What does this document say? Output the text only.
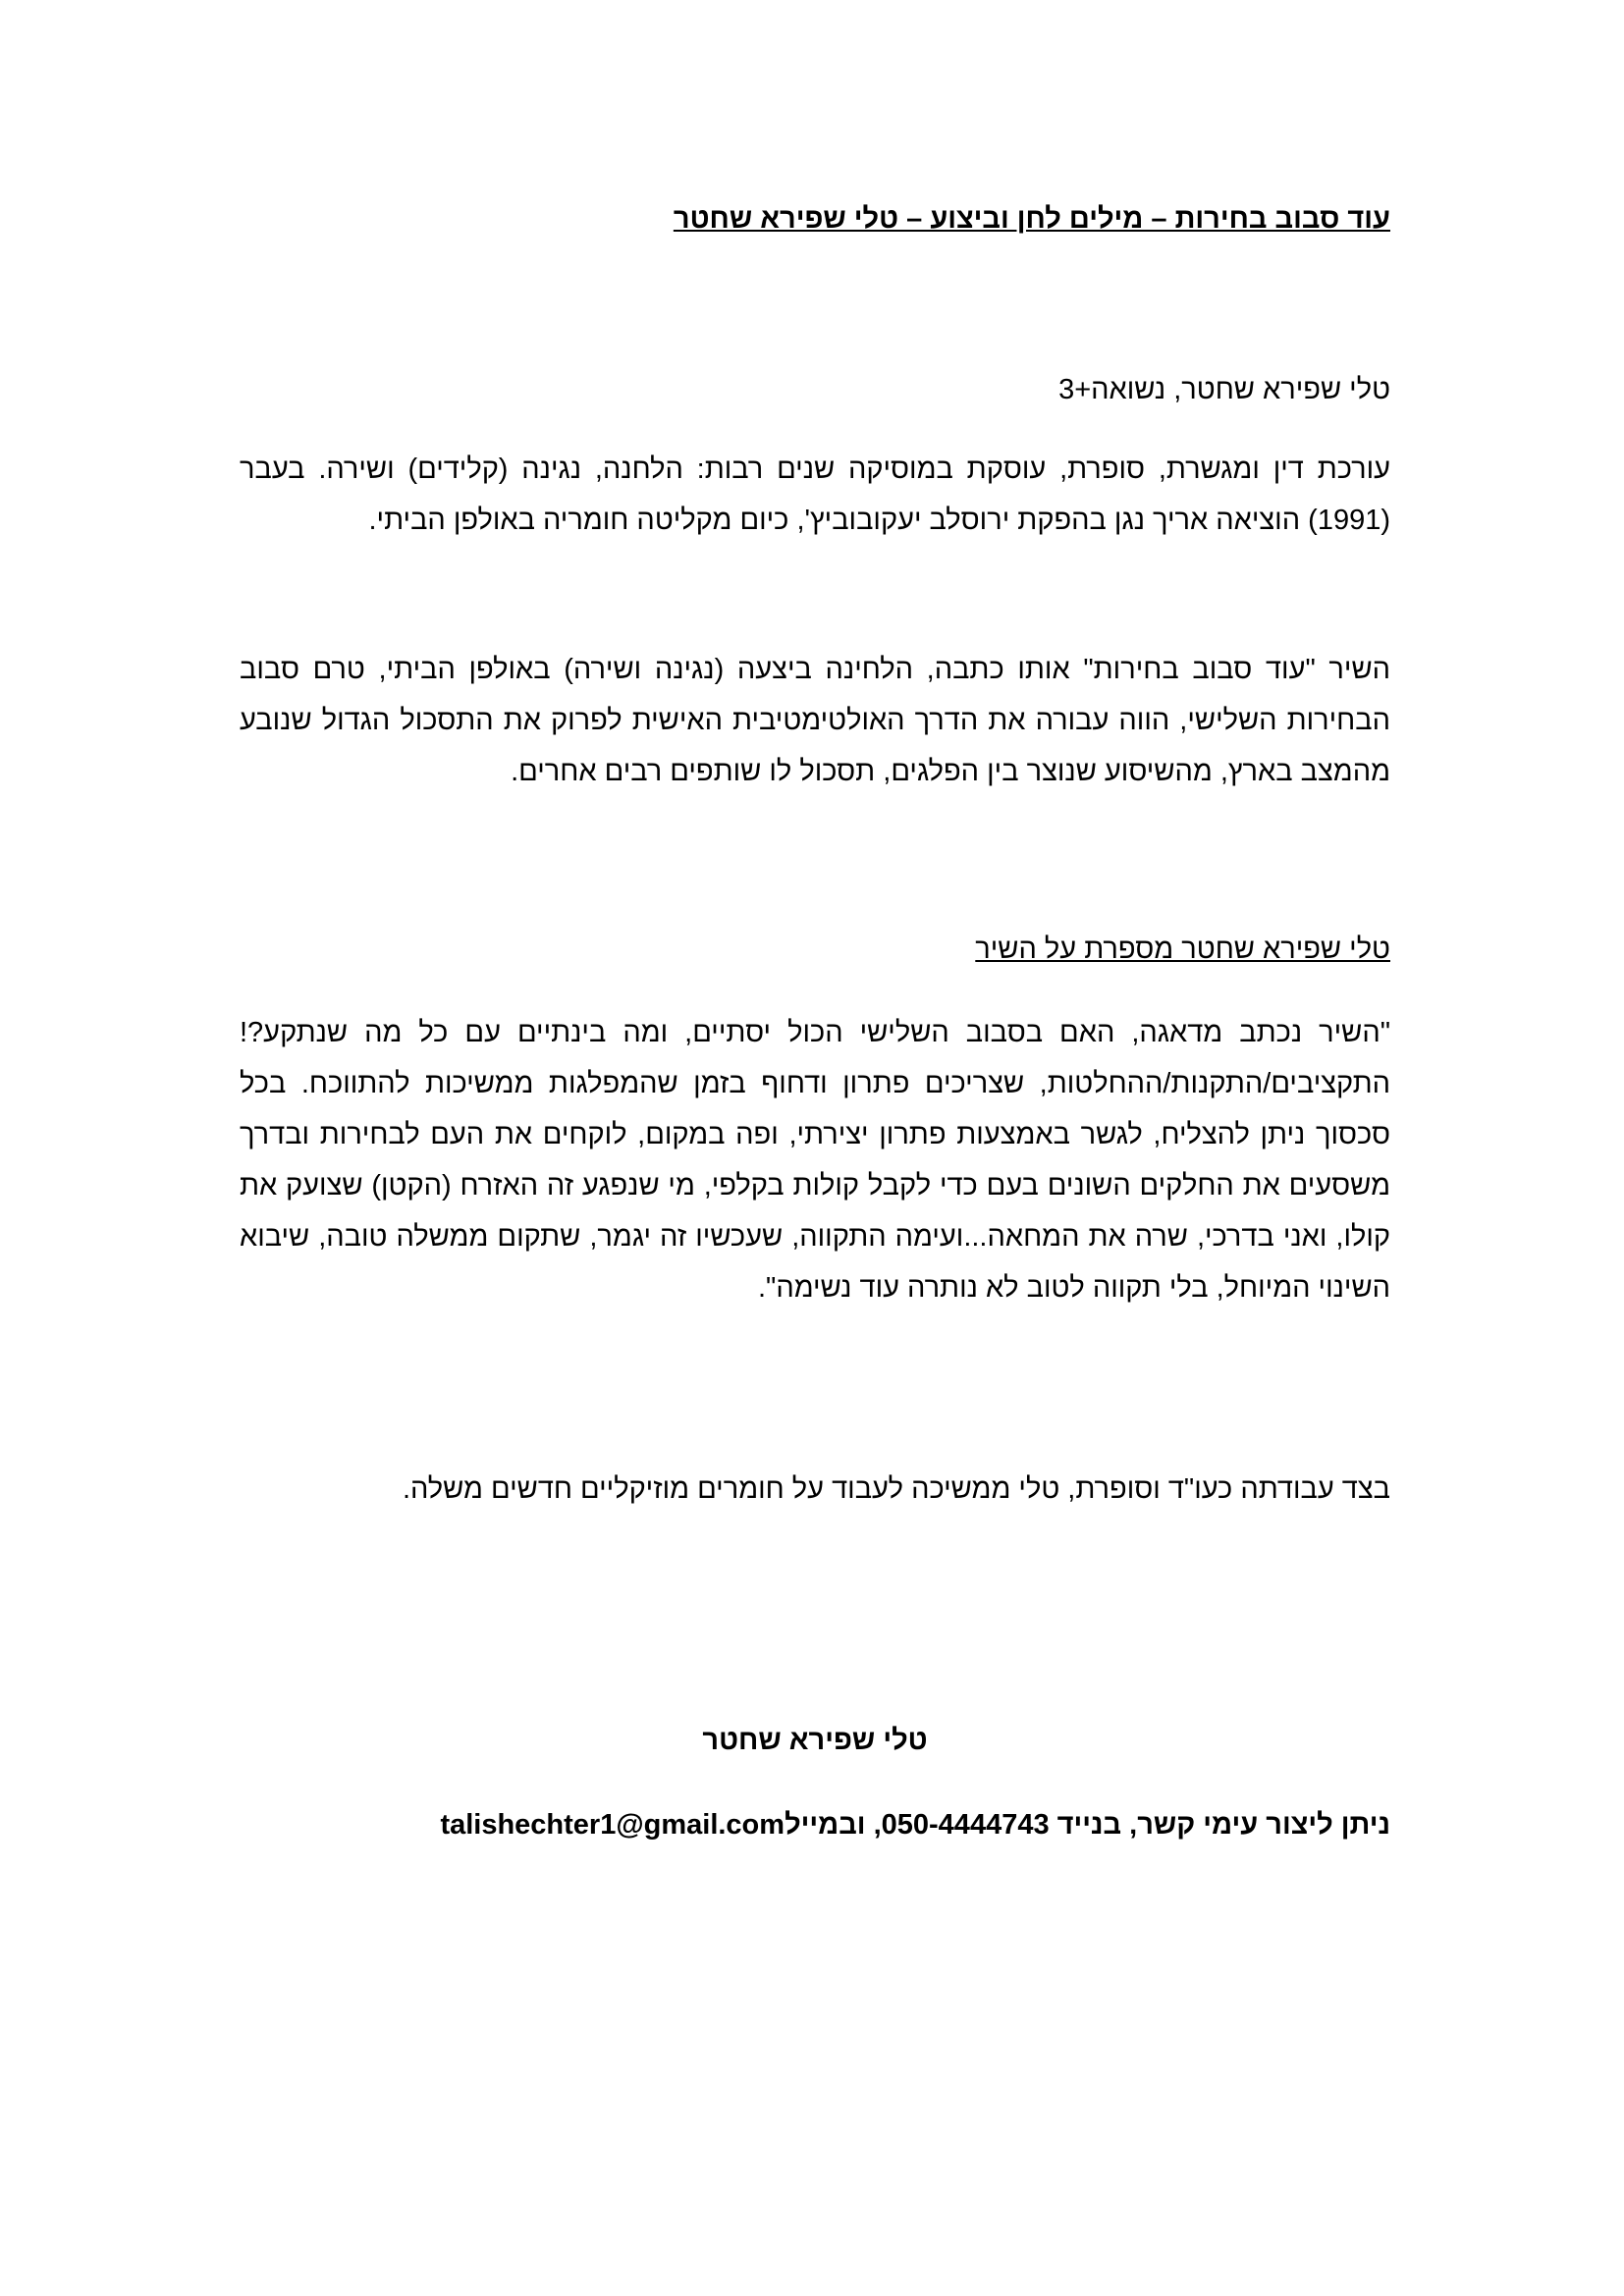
עוד סבוב בחירות – מילים לחן וביצוע – טלי שפירא שחטר
טלי שפירא שחטר, נשואה+3
עורכת דין ומגשרת, סופרת, עוסקת במוסיקה שנים רבות: הלחנה, נגינה (קלידים) ושירה. בעבר (1991) הוציאה אריך נגן בהפקת ירוסלב יעקובוביץ', כיום מקליטה חומריה באולפן הביתי.
השיר "עוד סבוב בחירות" אותו כתבה, הלחינה ביצעה (נגינה ושירה) באולפן הביתי, טרם סבוב הבחירות השלישי, הווה עבורה את הדרך האולטימטיבית האישית לפרוק את התסכול הגדול שנובע מהמצב בארץ, מהשיסוע שנוצר בין הפלגים, תסכול לו שותפים רבים אחרים.
טלי שפירא שחטר מספרת על השיר
"השיר נכתב מדאגה, האם בסבוב השלישי הכול יסתיים, ומה בינתיים עם כל מה שנתקע?! התקציבים/התקנות/ההחלטות, שצריכים פתרון ודחוף בזמן שהמפלגות ממשיכות להתווכח. בכל סכסוך ניתן להצליח, לגשר באמצעות פתרון יצירתי, ופה במקום, לוקחים את העם לבחירות ובדרך משסעים את החלקים השונים בעם כדי לקבל קולות בקלפי, מי שנפגע זה האזרח (הקטן) שצועק את קולו, ואני בדרכי, שרה את המחאה...ועימה התקווה, שעכשיו זה יגמר, שתקום ממשלה טובה, שיבוא השינוי המיוחל, בלי תקווה לטוב לא נותרה עוד נשימה".
בצד עבודתה כעו"ד וסופרת, טלי ממשיכה לעבוד על חומרים מוזיקליים חדשים משלה.
טלי שפירא שחטר
ניתן ליצור עימי קשר, בנייד 050-4444743, ובמיילtalishechter1@gmail.com
